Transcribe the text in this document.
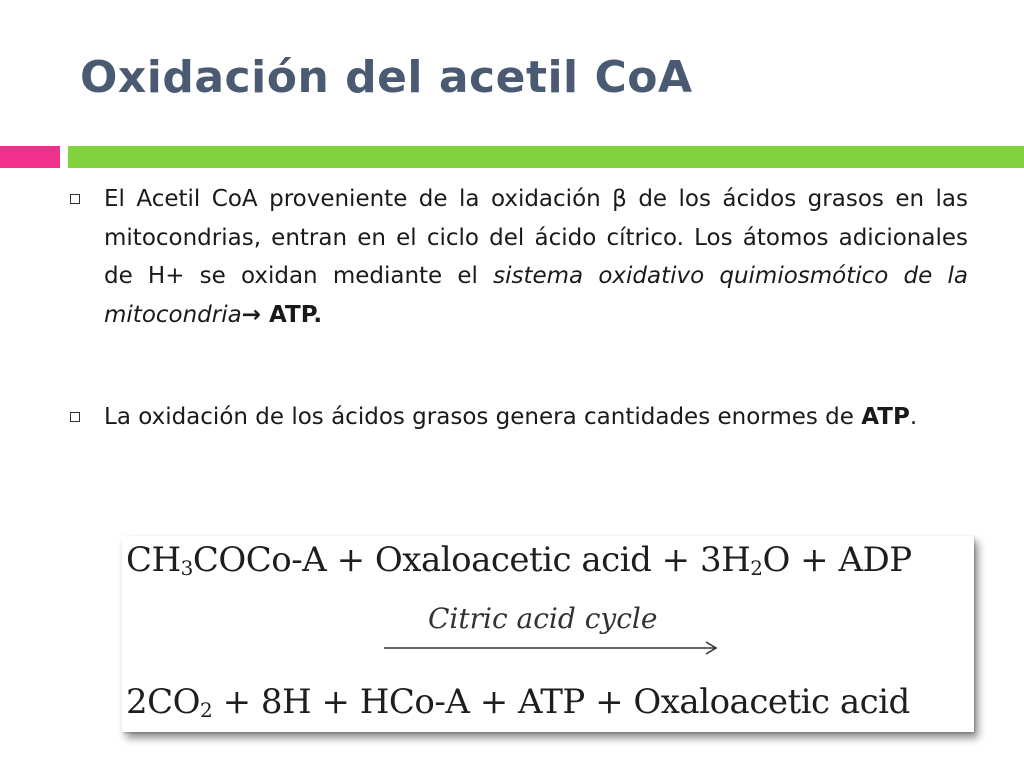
Oxidación del acetil CoA
El Acetil CoA proveniente de la oxidación β de los ácidos grasos en las mitocondrias, entran en el ciclo del ácido cítrico. Los átomos adicionales de H+ se oxidan mediante el sistema oxidativo quimiosmótico de la mitocondria→ ATP.
La oxidación de los ácidos grasos genera cantidades enormes de ATP.
$CH_3COCo-A$ + Oxaloacetic acid + $3H_2O$ + ADP
Citric acid cycle
$2CO_2 + 8H + HCo-A$ + ATP + Oxaloacetic acid
